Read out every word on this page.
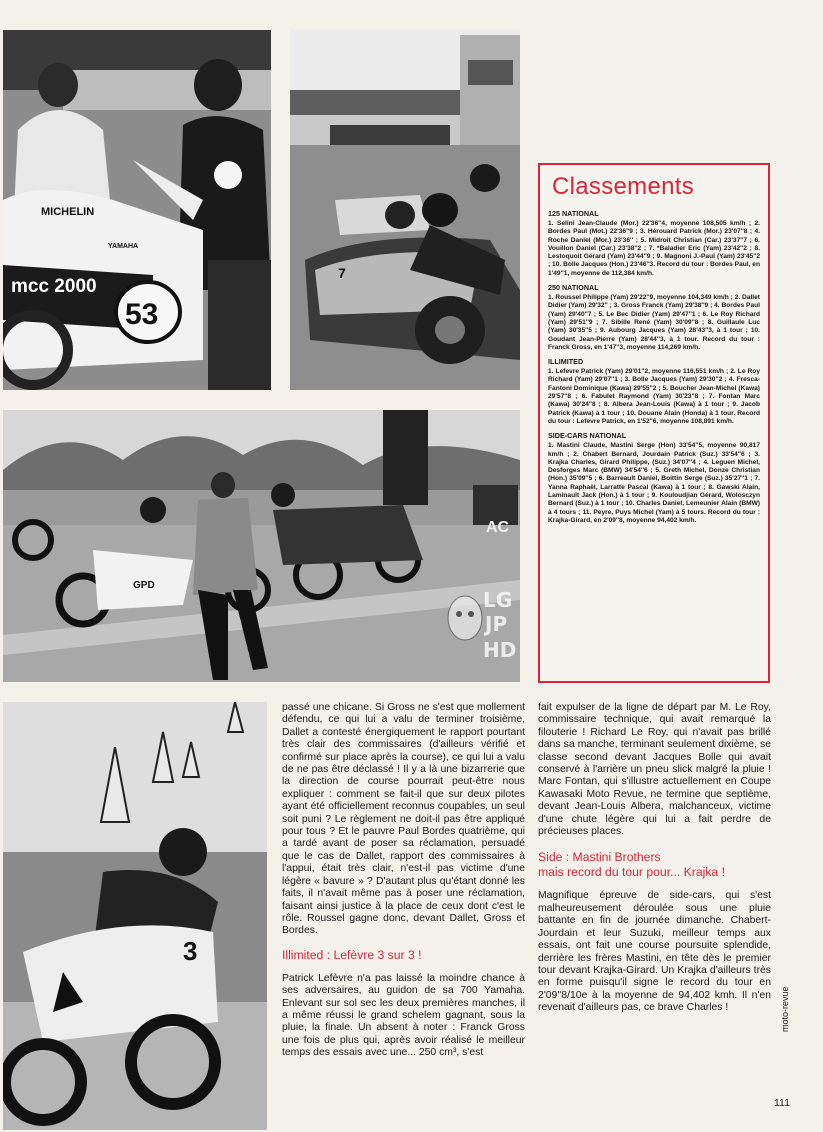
MICHELIN
YAMAHA
mcc 2000
53
7
AC
GPD
3
LG
JP
HD
Classements
125 NATIONAL
1. Selini Jean-Claude (Mor.) 22'36''4, moyenne 108,505 km/h ; 2. Bordes Paul (Mot.) 22'36''9 ; 3. Hérouard Patrick (Mor.) 23'07''8 ; 4. Roche Daniel (Mor.) 23'36'' ; 5. Midroit Christian (Car.) 23'37''7 ; 6. Vouillon Daniel (Car.) 23'38''2 ; 7. *Baladier Eric (Yam) 23'42''2 ; 8. Lestoquoit Gérard (Yam) 23'44''9 ; 9. Magnoni J.-Paul (Yam) 23'45''2 ; 10. Bolle Jacques (Hon.) 23'46''3. Record du tour : Bordes Paul, en 1'49''1, moyenne de 112,384 km/h.
250 NATIONAL
1. Roussel Philippe (Yam) 29'22''9, moyenne 104,349 km/h ; 2. Dallet Didier (Yam) 29'32'' ; 3. Gross Franck (Yam) 29'38''9 ; 4. Bordes Paul (Yam) 29'40''7 ; 5. Le Bec Didier (Yam) 29'47''1 ; 6. Le Roy Richard (Yam) 29'51''9 ; 7. Sibille René (Yam) 30'09''8 ; 8. Guillaule Luc (Yam) 30'35''5 ; 9. Aubourg Jacques (Yam) 28'43''3, à 1 tour ; 10. Goudant Jean-Pierre (Yam) 28'44''3, à 1 tour. Record du tour : Franck Gross, en 1'47''3, moyenne 114,269 km/h.
ILLIMITED
1. Lefevre Patrick (Yam) 29'01''2, moyenne 116,551 km/h ; 2. Le Roy Richard (Yam) 29'07''1 ; 3. Bolle Jacques (Yam) 29'30''2 ; 4. Fresca-Fantoni Dominique (Kawa) 29'55''2 ; 5. Boucher Jean-Michel (Kawa) 29'57''8 ; 6. Fabulet Raymond (Yam) 30'23''8 ; 7. Fontan Marc (Kawa) 30'24''8 ; 8. Albera Jean-Louis (Kawa) à 1 tour ; 9. Jacob Patrick (Kawa) à 1 tour ; 10. Douane Alain (Honda) à 1 tour. Record du tour : Lefevre Patrick, en 1'52''6, moyenne 108,891 km/h.
SIDE-CARS NATIONAL
1. Mastini Claude, Mastini Serge (Hon) 33'54''5, moyenne 90,817 km/h ; 2. Chabert Bernard, Jourdain Patrick (Suz.) 33'54''6 ; 3. Krajka Charles, Girard Philippe, (Suz.) 34'07''4 ; 4. Leguen Michel, Desforges Marc (BMW) 34'54''6 ; 5. Greth Michel, Donze Christian (Hon.) 35'09''5 ; 6. Barreault Daniel, Boittin Serge (Suz.) 35'27''1 ; 7. Yanna Raphaël, Larratte Pascal (Kawa) à 1 tour ; 8. Gawski Alain, Laminault Jack (Hon.) à 1 tour ; 9. Kouloudjian Gérard, Wolosczyn Bernard (Suz.) à 1 tour ; 10. Charles Daniel, Lemeunier Alain (BMW) à 4 tours ; 11. Peyre, Puys Michel (Yam) à 5 tours. Record du tour : Krajka-Girard, en 2'09''8, moyenne 94,402 km/h.

passé une chicane. Si Gross ne s'est que mollement défendu, ce qui lui a valu de terminer troisième, Dallet a contesté énergiquement le rapport pourtant très clair des commissaires (d'ailleurs vérifié et confirmé sur place après la course), ce qui lui a valu de ne pas être déclassé ! Il y a là une bizarrerie que la direction de course pourrait peut-être nous expliquer : comment se fait-il que sur deux pilotes ayant été officiellement reconnus coupables, un seul soit puni ? Le règlement ne doit-il pas être appliqué pour tous ? Et le pauvre Paul Bordes quatrième, qui a tardé avant de poser sa réclamation, persuadé que le cas de Dallet, rapport des commissaires à l'appui, était très clair, n'est-il pas victime d'une légère « bavure » ? D'autant plus qu'étant donné les faits, il n'avait même pas à poser une réclamation, faisant ainsi justice à la place de ceux dont c'est le rôle. Roussel gagne donc, devant Dallet, Gross et Bordes.

Illimited : Lefèvre 3 sur 3 !

Patrick Lefèvre n'a pas laissé la moindre chance à ses adversaires, au guidon de sa 700 Yamaha. Enlevant sur sol sec les deux premières manches, il a même réussi le grand schelem gagnant, sous la pluie, la finale. Un absent à noter : Franck Gross une fois de plus qui, après avoir réalisé le meilleur temps des essais avec une... 250 cm³, s'est

fait expulser de la ligne de départ par M. Le Roy, commissaire technique, qui avait remarqué la filouterie ! Richard Le Roy, qui n'avait pas brillé dans sa manche, terminant seulement dixième, se classe second devant Jacques Bolle qui avait conservé à l'arrière un pneu slick malgré la pluie ! Marc Fontan, qui s'illustre actuellement en Coupe Kawasaki Moto Revue, ne termine que septième, devant Jean-Louis Albera, malchanceux, victime d'une chute légère qui lui a fait perdre de précieuses places.

Side : Mastini Brothers
mais record du tour pour... Krajka !

Magnifique épreuve de side-cars, qui s'est malheureusement déroulée sous une pluie battante en fin de journée dimanche. Chabert-Jourdain et leur Suzuki, meilleur temps aux essais, ont fait une course poursuite splendide, derrière les frères Mastini, en tête dès le premier tour devant Krajka-Girard. Un Krajka d'ailleurs très en forme puisqu'il signe le record du tour en 2'09''8/10e à la moyenne de 94,402 kmh. Il n'en revenait d'ailleurs pas, ce brave Charles !	moto-revue
111
